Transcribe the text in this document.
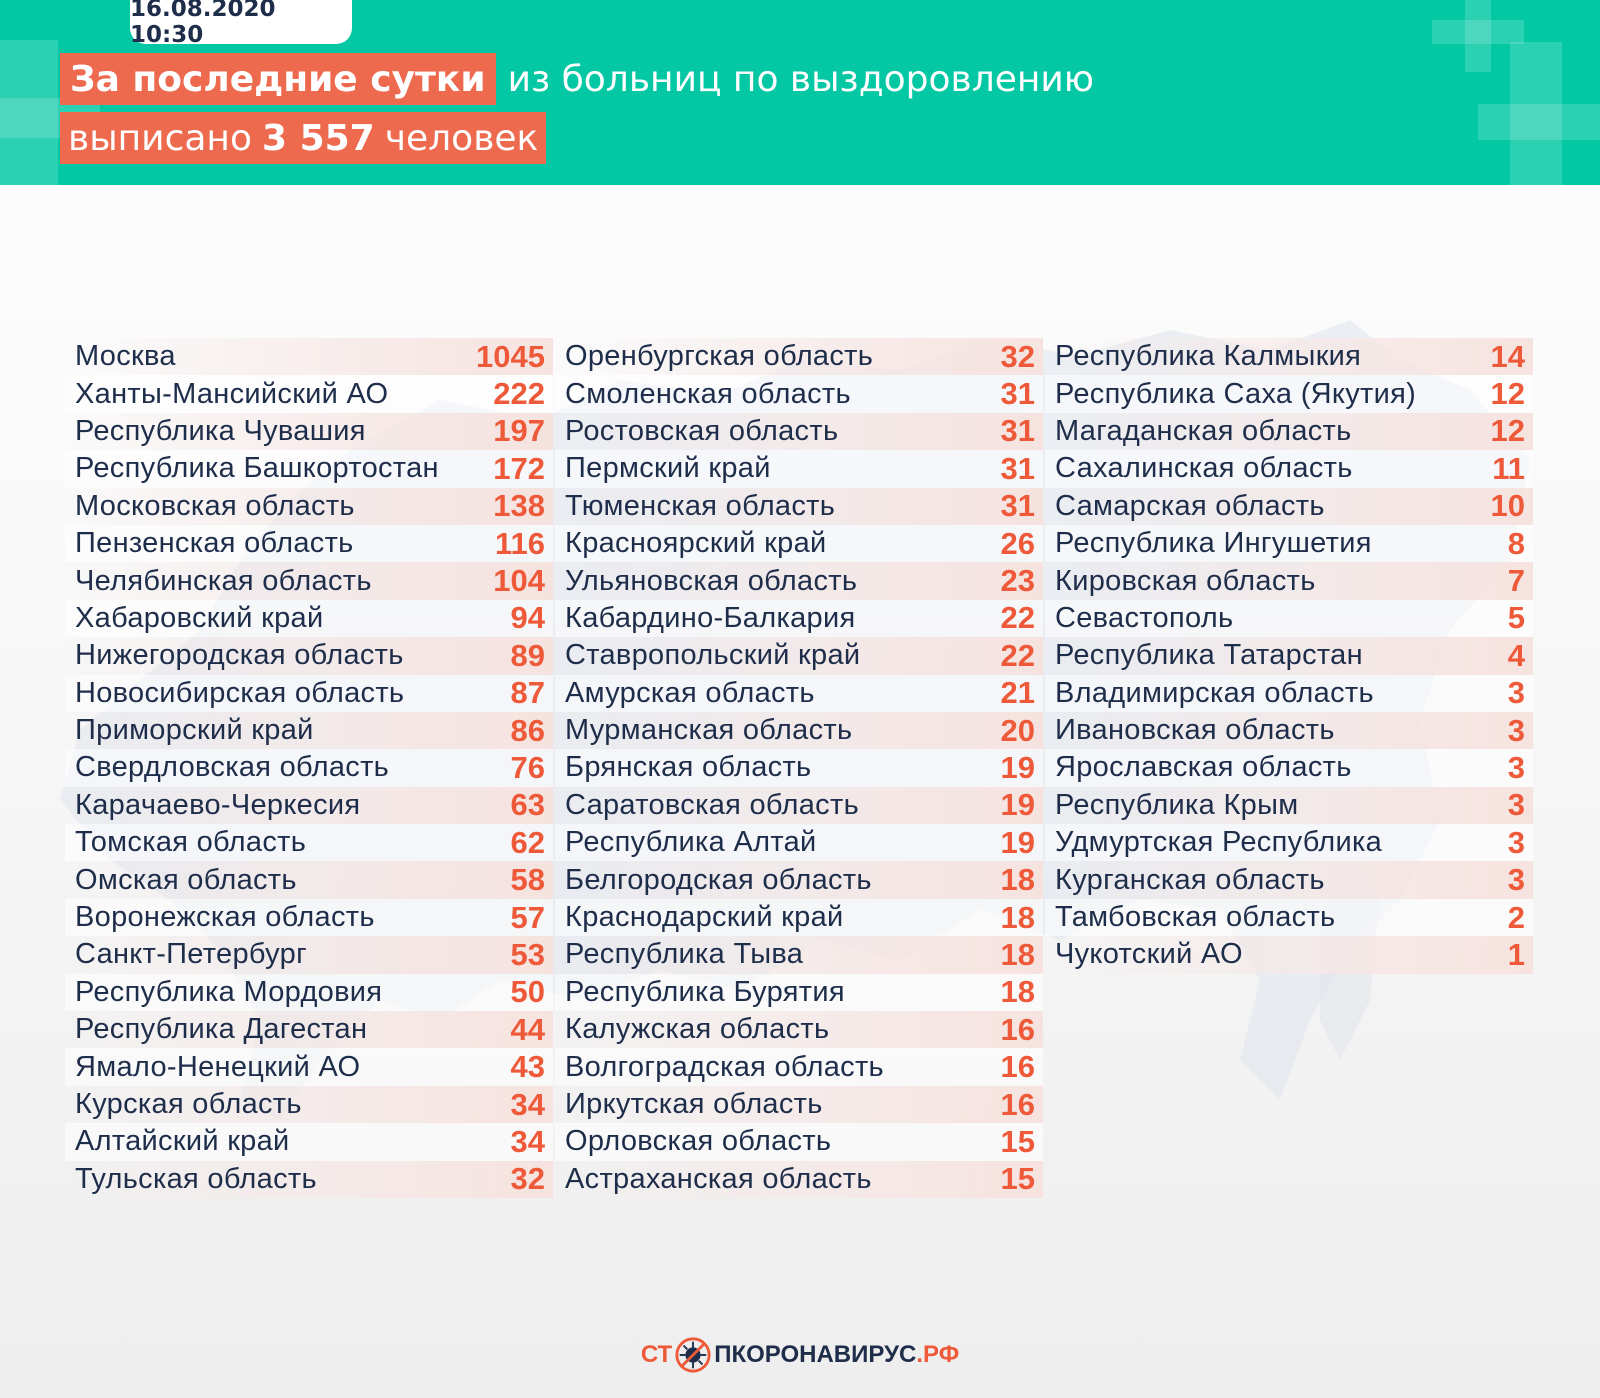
16.08.2020 10:30
За последние сутки из больниц по выздоровлению
выписано 3 557 человек
Москва	1045
Ханты-Мансийский АО	222
Республика Чувашия	197
Республика Башкортостан 172
Московская область	138
Пензенская область	116
Челябинская область	104
Хабаровский край	94
Нижегородская область	89
Новосибирская область	87
Приморский край	86
Свердловская область	76
Карачаево-Черкесия	63
Томская область	62
Омская область	58
Воронежская область	57
Санкт-Петербург	53
Республика Мордовия	50
Республика Дагестан	44
Ямало-Ненецкий АО	43
Курская область	34
Алтайский край	34
Тульская область	32
Оренбургская область	32
Смоленская область	31
Ростовская область	31
Пермский край	31
Тюменская область	31
Красноярский край	26
Ульяновская область	23
Кабардино-Балкария	22
Ставропольский край	22
Амурская область	21
Мурманская область	20
Брянская область	19
Саратовская область	19
Республика Алтай	19
Белгородская область	18
Краснодарский край	18
Республика Тыва	18
Республика Бурятия	18
Калужская область	16
Волгоградская область	16
Иркутская область	16
Орловская область	15
Астраханская область	15
Республика Калмыкия	14
Республика Саха (Якутия) 12
Магаданская область	12
Сахалинская область	11
Самарская область	10
Республика Ингушетия	8
Кировская область	7
Севастополь	5
Республика Татарстан	4
Владимирская область	3
Ивановская область	3
Ярославская область	3
Республика Крым	3
Удмуртская Республика	3
Курганская область	3
Тамбовская область	2
Чукотский АО	1
СТ ПКОРОНАВИРУС .РФ
